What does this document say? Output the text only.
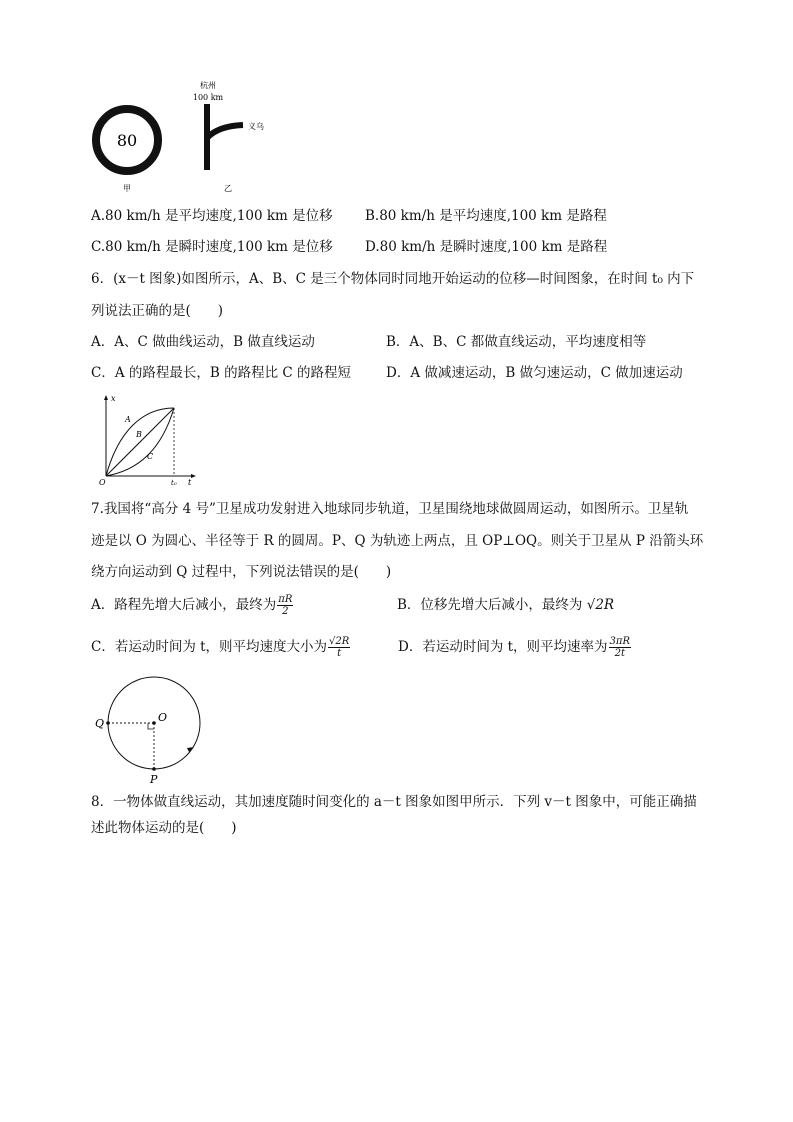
80
杭州
100 km
义乌
甲	乙
A.80 km/h 是平均速度,100 km 是位移 B.80 km/h 是平均速度,100 km 是路程
C.80 km/h 是瞬时速度,100 km 是位移 D.80 km/h 是瞬时速度,100 km 是路程
6．(x－t 图象)如图所示，A、B、C 是三个物体同时同地开始运动的位移—时间图象，在时间 t₀ 内下
列说法正确的是(　　)
A．A、C 做曲线运动，B 做直线运动	B．A、B、C 都做直线运动，平均速度相等
C．A 的路程最长，B 的路程比 C 的路程短	D．A 做减速运动，B 做匀速运动，C 做加速运动
x
t
O	t₀
A
B
C
7.我国将“高分 4 号”卫星成功发射进入地球同步轨道，卫星围绕地球做圆周运动，如图所示。卫星轨
迹是以 O 为圆心、半径等于 R 的圆周。P、Q 为轨迹上两点，且 OP⊥OQ。则关于卫星从 P 沿箭头环
绕方向运动到 Q 过程中，下列说法错误的是(　　)
A．路程先增大后减小，最终为 $\frac{\pi R}{2}$	B．位移先增大后减小，最终为 √2R
C．若运动时间为 t，则平均速度大小为 $\frac{√2R}{t}$	D．若运动时间为 t，则平均速率为 $\frac{3\pi R}{2t}$
Q	O
P
8．一物体做直线运动，其加速度随时间变化的 a－t 图象如图甲所示．下列 v－t 图象中，可能正确描
述此物体运动的是(　　)
